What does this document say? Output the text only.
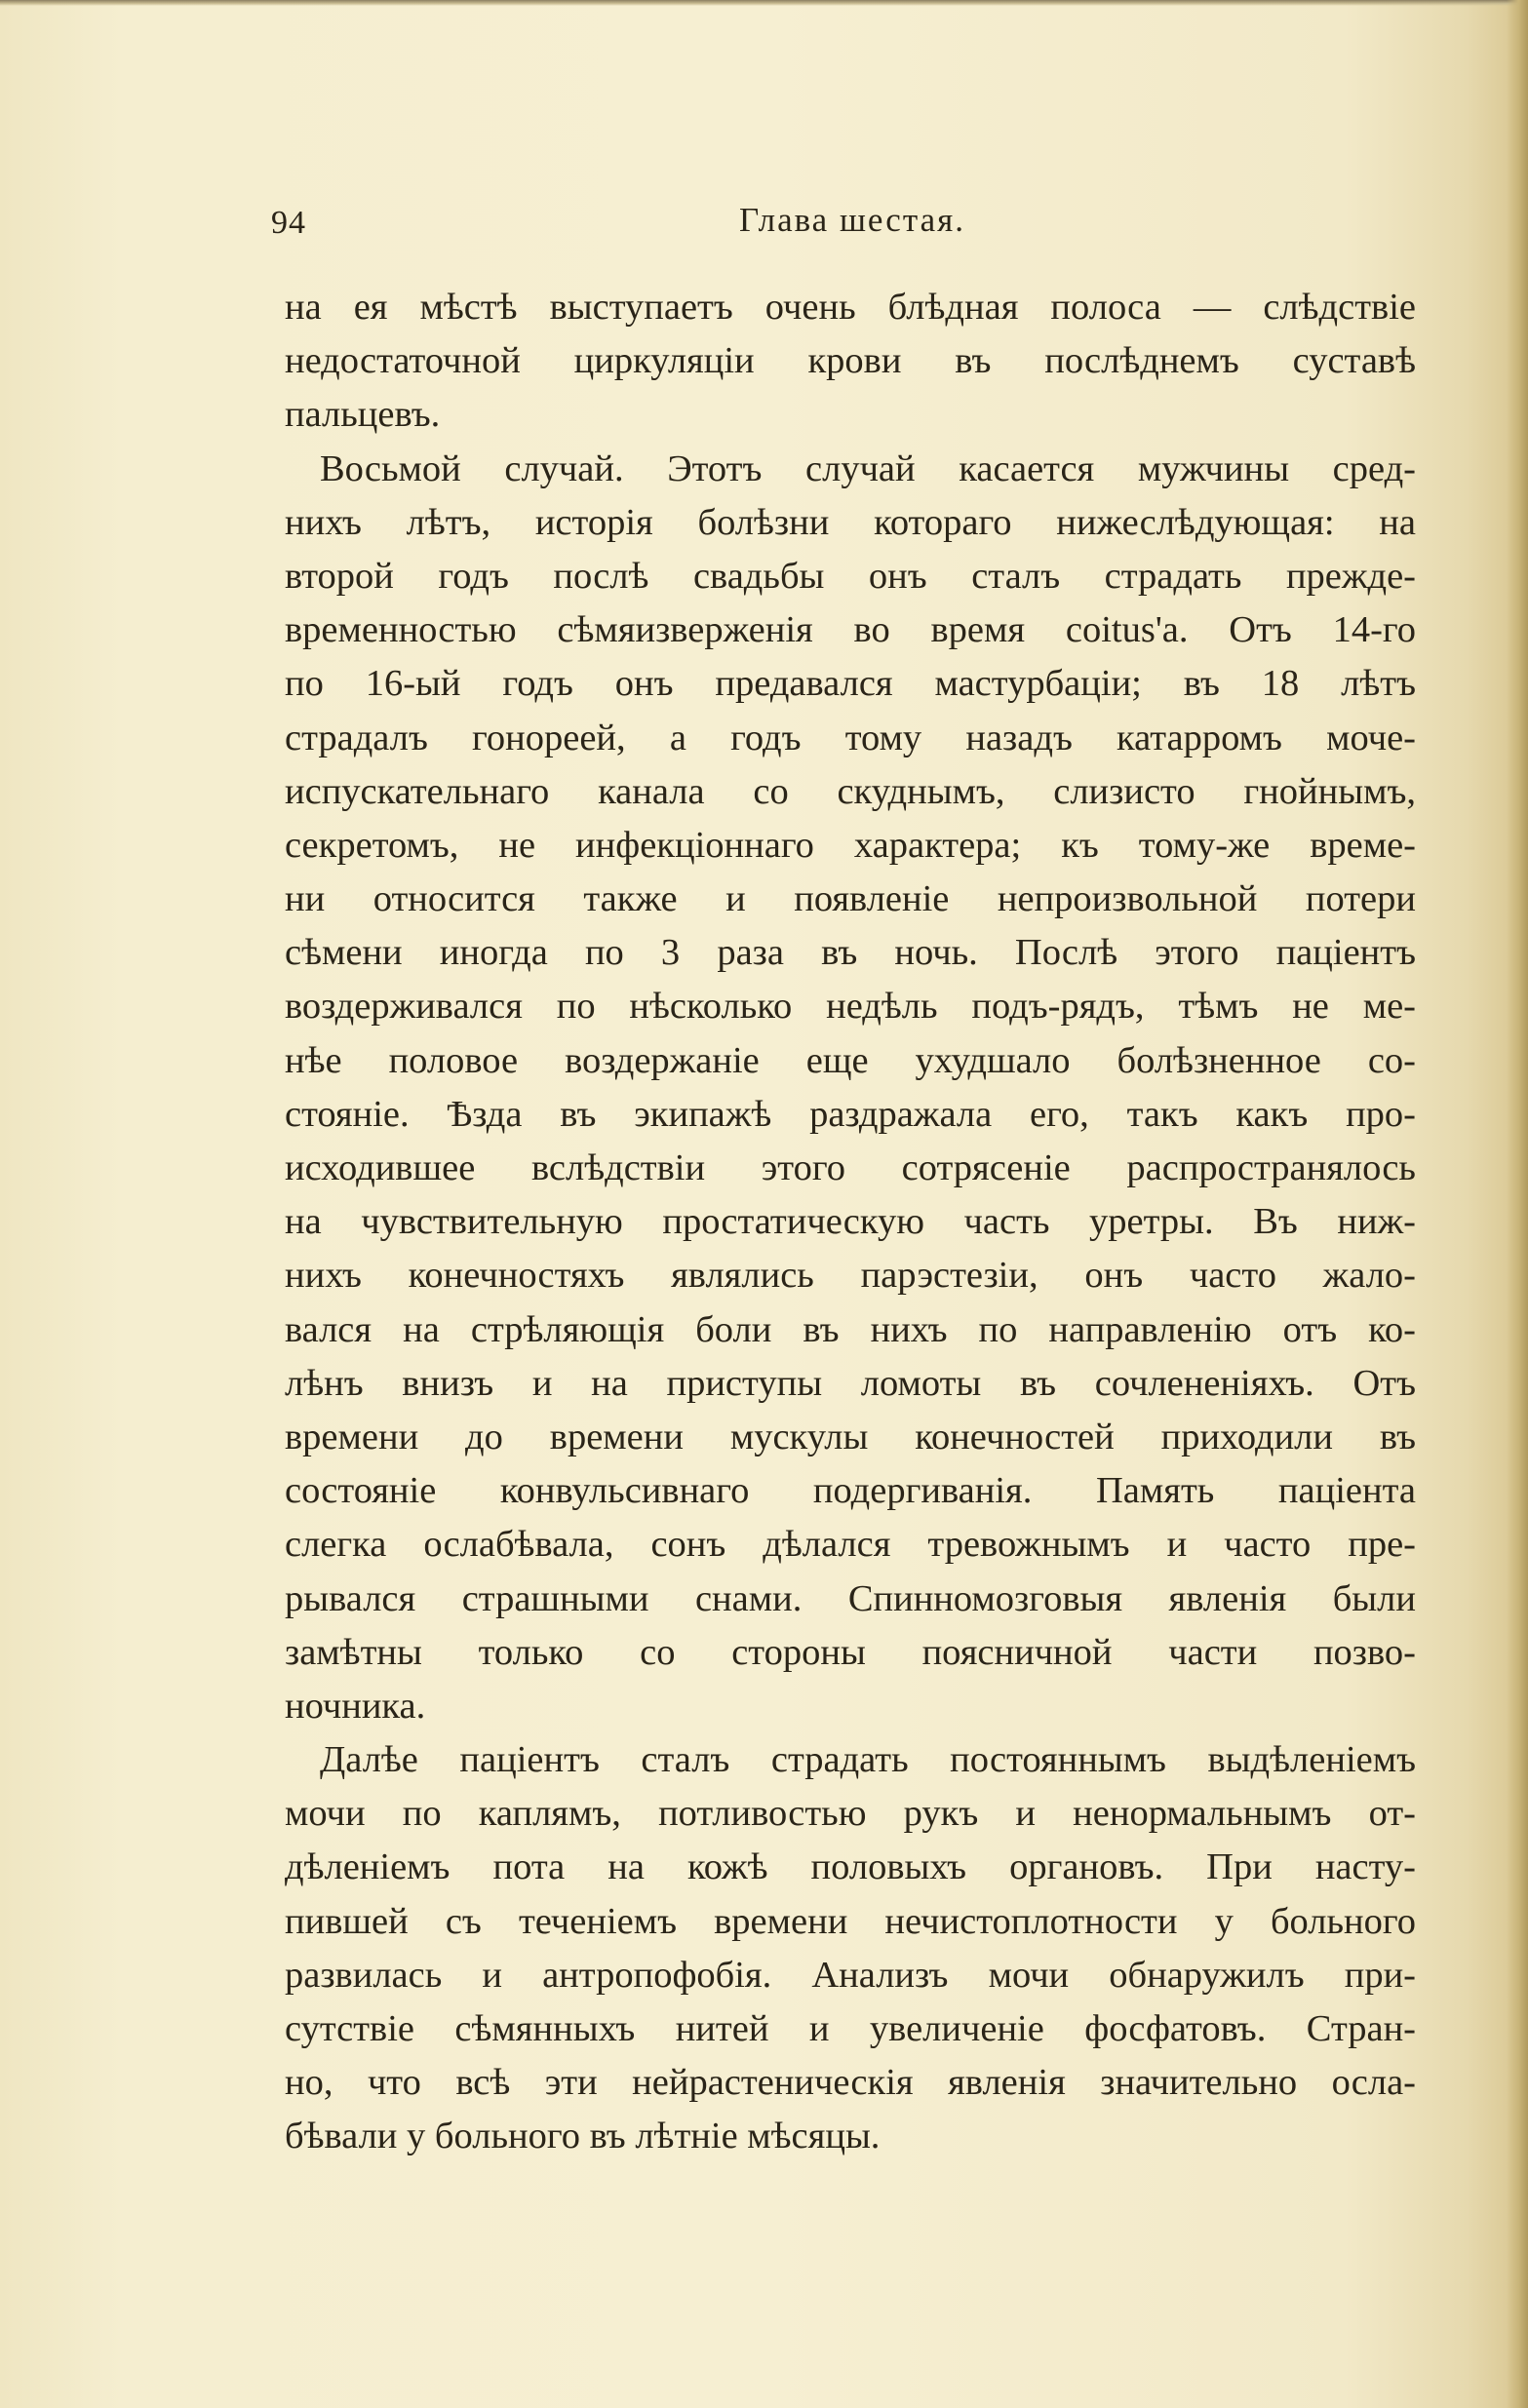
94	Глава шестая.
на ея мѣстѣ выступаетъ очень блѣдная полоса — слѣдствіе
недостаточной циркуляціи крови въ послѣднемъ суставѣ
пальцевъ.
Восьмой случай. Этотъ случай касается мужчины сред-
нихъ лѣтъ, исторія болѣзни котораго нижеслѣдующая: на
второй годъ послѣ свадьбы онъ сталъ страдать прежде-
временностью сѣмяизверженія во время coitus'а. Отъ 14-го
по 16-ый годъ онъ предавался мастурбаціи; въ 18 лѣтъ
страдалъ гонореей, а годъ тому назадъ катарромъ моче-
испускательнаго канала со скуднымъ, слизисто гнойнымъ,
секретомъ, не инфекціоннаго характера; къ тому-же време-
ни относится также и появленіе непроизвольной потери
сѣмени иногда по 3 раза въ ночь. Послѣ этого паціентъ
воздерживался по нѣсколько недѣль подъ-рядъ, тѣмъ не ме-
нѣе половое воздержаніе еще ухудшало болѣзненное со-
стояніе. Ѣзда въ экипажѣ раздражала его, такъ какъ про-
исходившее вслѣдствіи этого сотрясеніе распространялось
на чувствительную простатическую часть уретры. Въ ниж-
нихъ конечностяхъ являлись парэстезіи, онъ часто жало-
вался на стрѣляющія боли въ нихъ по направленію отъ ко-
лѣнъ внизъ и на приступы ломоты въ сочлененіяхъ. Отъ
времени до времени мускулы конечностей приходили въ
состояніе конвульсивнаго подергиванія. Память паціента
слегка ослабѣвала, сонъ дѣлался тревожнымъ и часто пре-
рывался страшными снами. Спинномозговыя явленія были
замѣтны только со стороны поясничной части позво-
ночника.
Далѣе паціентъ сталъ страдать постояннымъ выдѣленіемъ
мочи по каплямъ, потливостью рукъ и ненормальнымъ от-
дѣленіемъ пота на кожѣ половыхъ органовъ. При насту-
пившей съ теченіемъ времени нечистоплотности у больного
развилась и антропофобія. Анализъ мочи обнаружилъ при-
сутствіе сѣмянныхъ нитей и увеличеніе фосфатовъ. Стран-
но, что всѣ эти нейрастеническія явленія значительно осла-
бѣвали у больного въ лѣтніе мѣсяцы.
